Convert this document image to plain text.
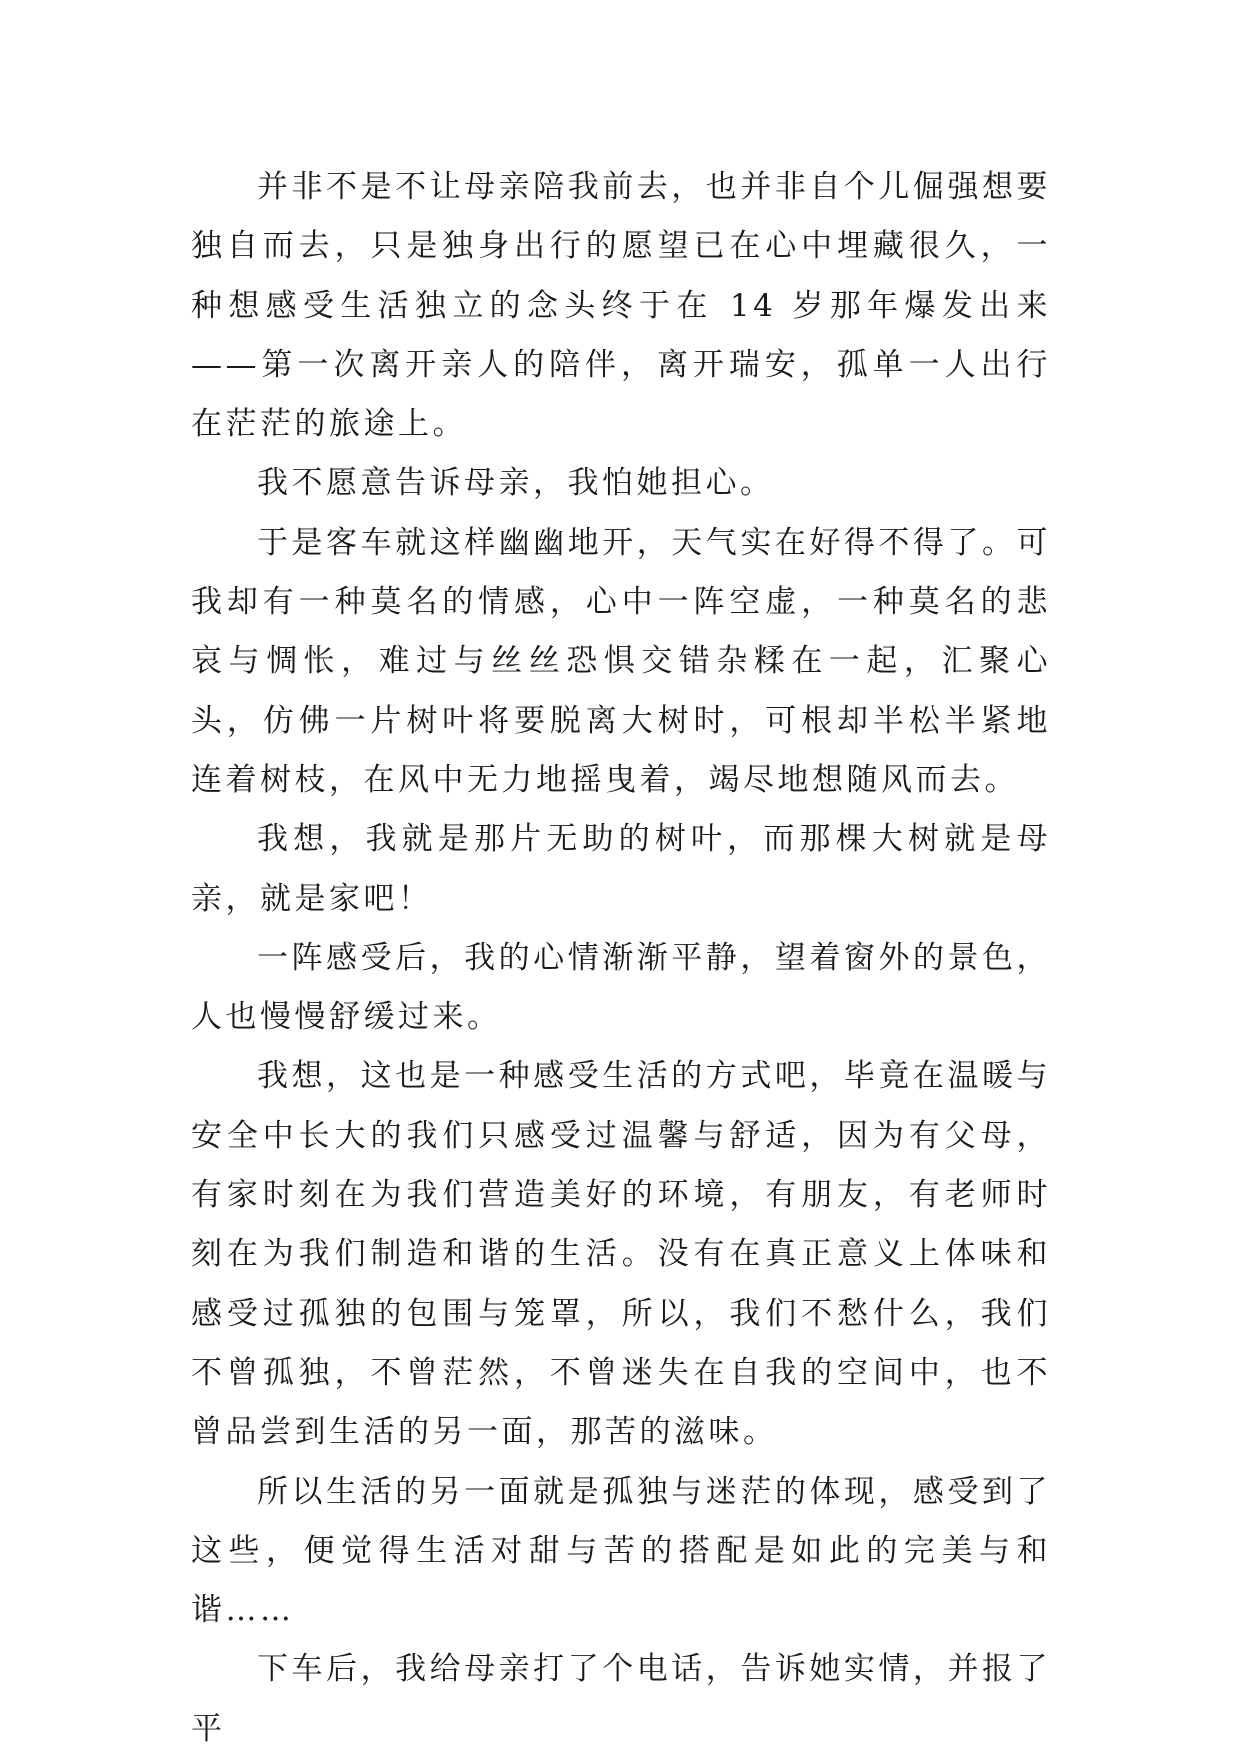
并非不是不让母亲陪我前去，也并非自个儿倔强想要独自而去，只是独身出行的愿望已在心中埋藏很久，一种想感受生活独立的念头终于在 14 岁那年爆发出来——第一次离开亲人的陪伴，离开瑞安，孤单一人出行在茫茫的旅途上。

我不愿意告诉母亲，我怕她担心。

于是客车就这样幽幽地开，天气实在好得不得了。可我却有一种莫名的情感，心中一阵空虚，一种莫名的悲哀与惆怅，难过与丝丝恐惧交错杂糅在一起，汇聚心头，仿佛一片树叶将要脱离大树时，可根却半松半紧地连着树枝，在风中无力地摇曳着，竭尽地想随风而去。

我想，我就是那片无助的树叶，而那棵大树就是母亲，就是家吧！

一阵感受后，我的心情渐渐平静，望着窗外的景色，人也慢慢舒缓过来。

我想，这也是一种感受生活的方式吧，毕竟在温暖与安全中长大的我们只感受过温馨与舒适，因为有父母，有家时刻在为我们营造美好的环境，有朋友，有老师时刻在为我们制造和谐的生活。没有在真正意义上体味和感受过孤独的包围与笼罩，所以，我们不愁什么，我们不曾孤独，不曾茫然，不曾迷失在自我的空间中，也不曾品尝到生活的另一面，那苦的滋味。

所以生活的另一面就是孤独与迷茫的体现，感受到了这些，便觉得生活对甜与苦的搭配是如此的完美与和谐……

下车后，我给母亲打了个电话，告诉她实情，并报了平
